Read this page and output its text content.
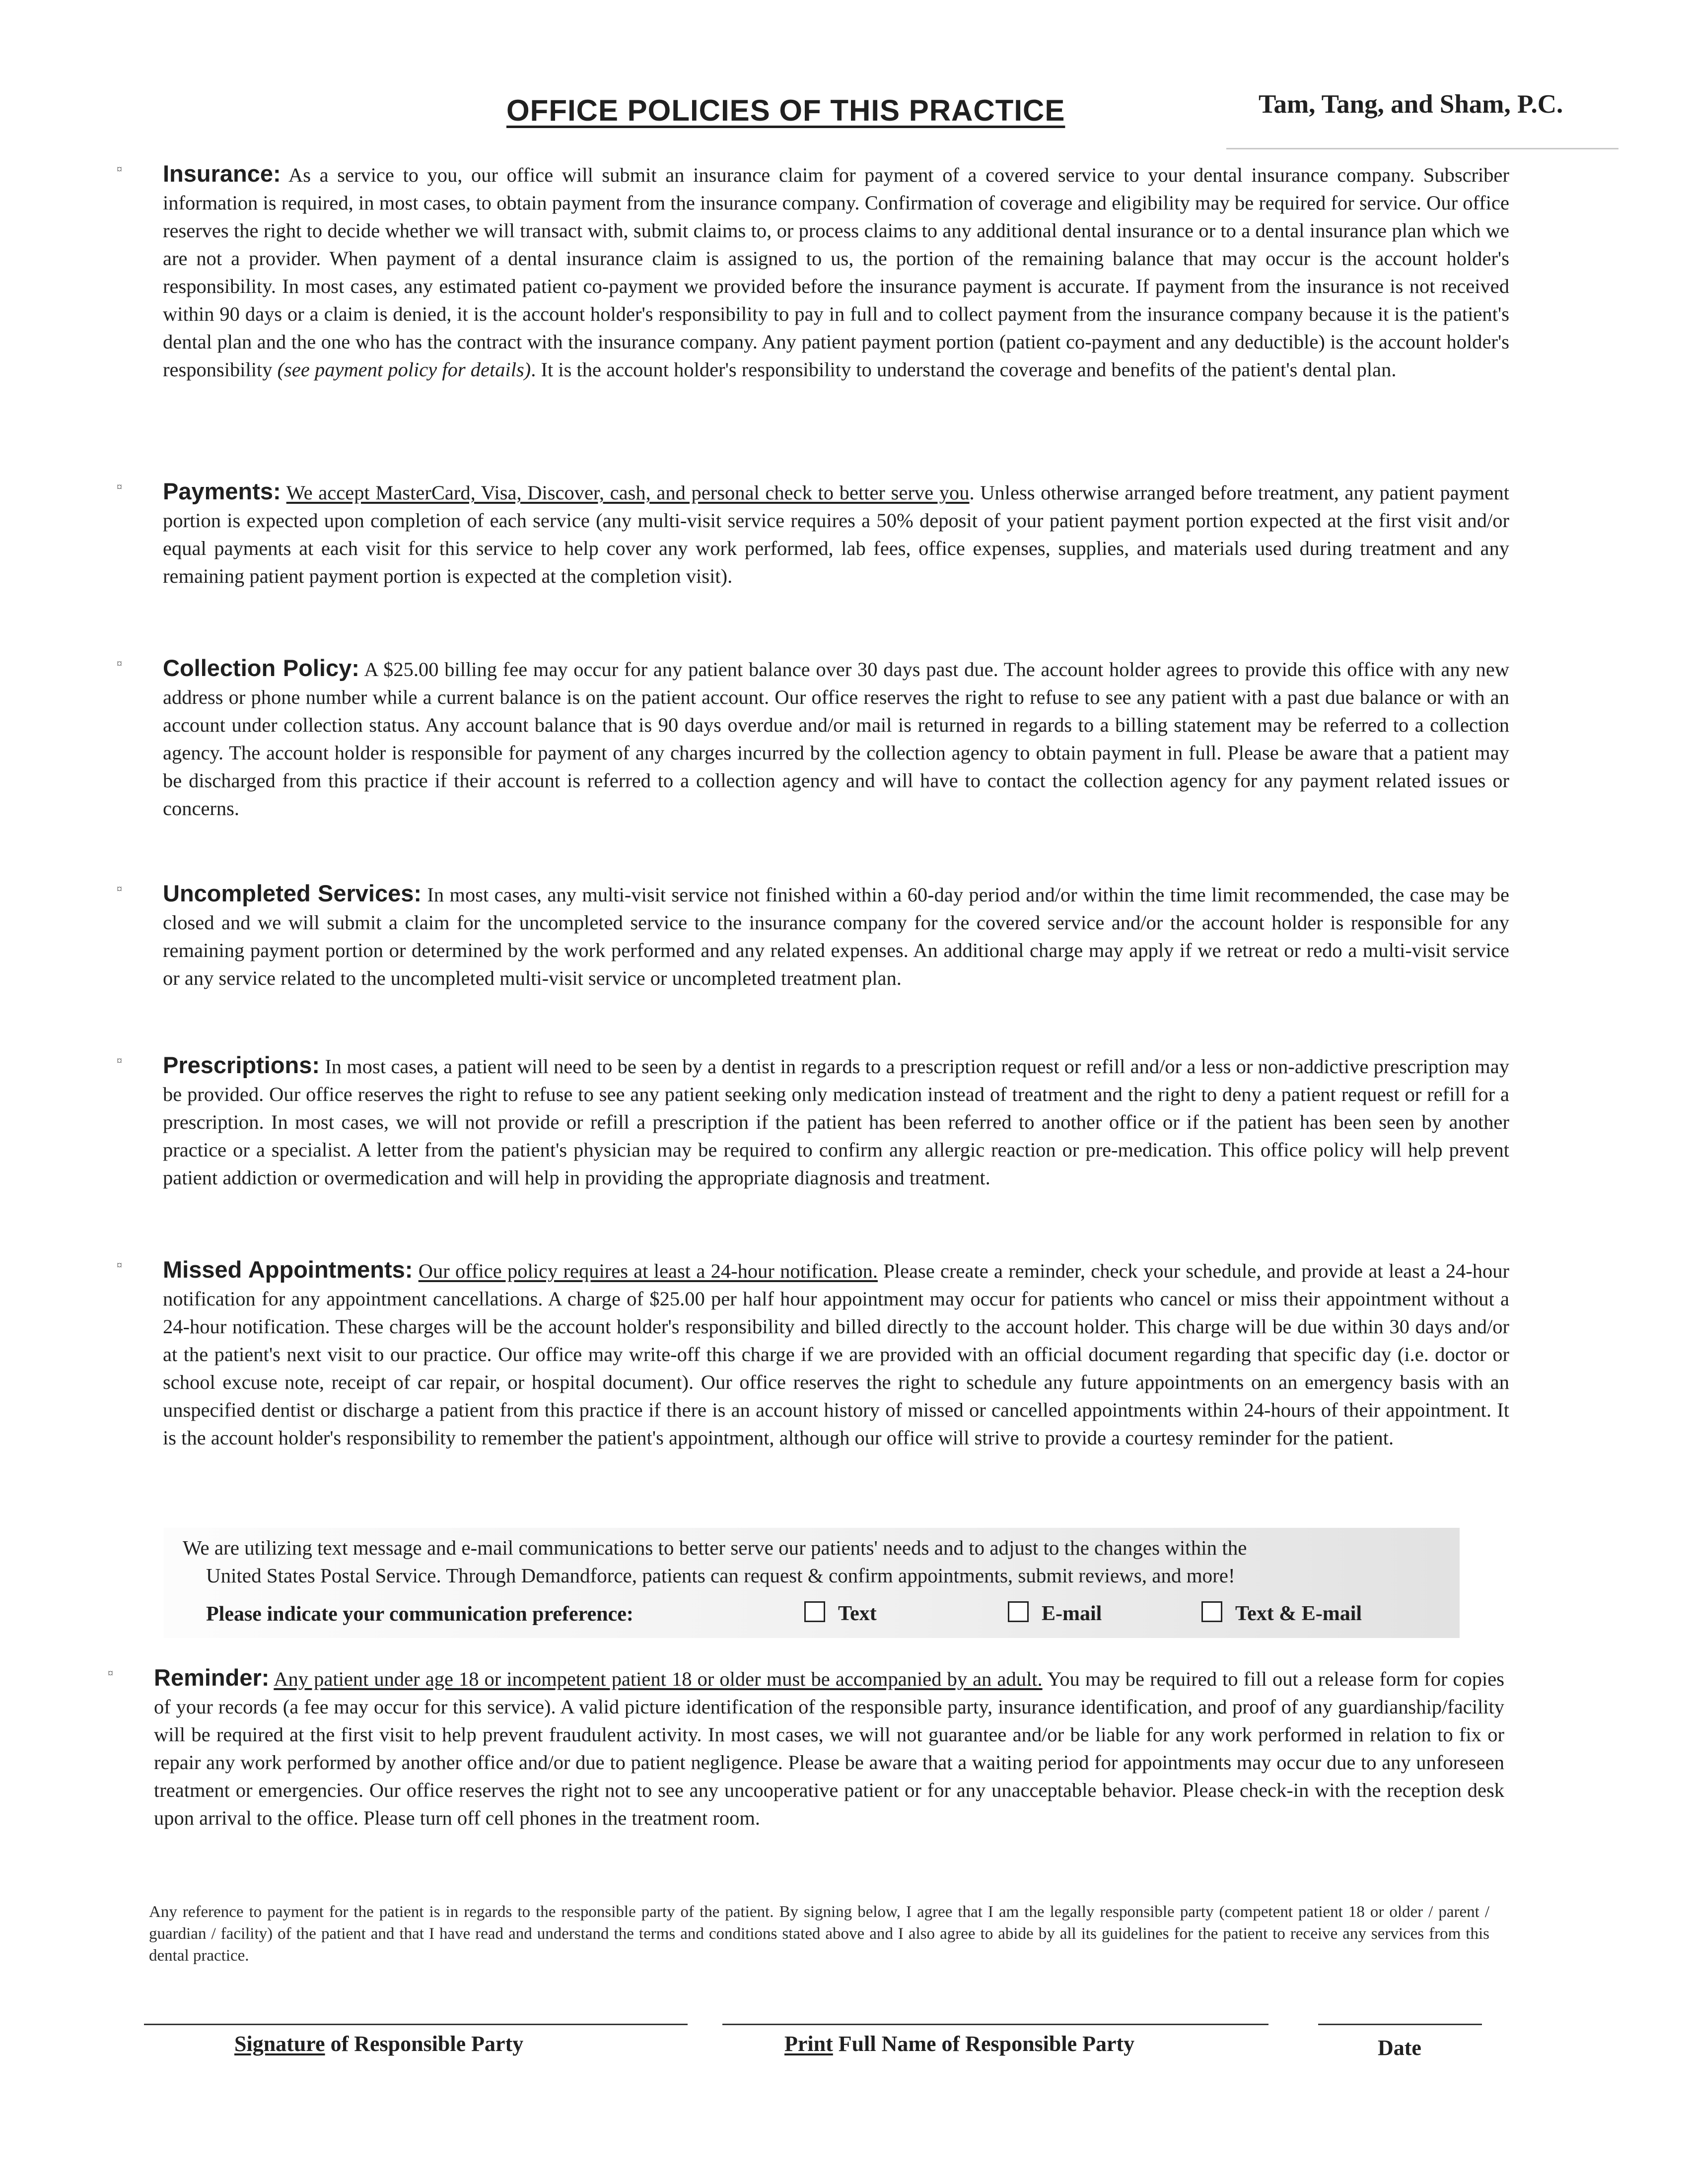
OFFICE POLICIES OF THIS PRACTICE	Tam, Tang, and Sham, P.C.
¤ Insurance: As a service to you, our office will submit an insurance claim for payment of a covered service to your dental insurance company. Subscriber information is required, in most cases, to obtain payment from the insurance company. Confirmation of coverage and eligibility may be required for service. Our office reserves the right to decide whether we will transact with, submit claims to, or process claims to any additional dental insurance or to a dental insurance plan which we are not a provider. When payment of a dental insurance claim is assigned to us, the portion of the remaining balance that may occur is the account holder's responsibility. In most cases, any estimated patient co-payment we provided before the insurance payment is accurate. If payment from the insurance is not received within 90 days or a claim is denied, it is the account holder's responsibility to pay in full and to collect payment from the insurance company because it is the patient's dental plan and the one who has the contract with the insurance company. Any patient payment portion (patient co-payment and any deductible) is the account holder's responsibility (see payment policy for details). It is the account holder's responsibility to understand the coverage and benefits of the patient's dental plan.

¤ Payments: We accept MasterCard, Visa, Discover, cash, and personal check to better serve you. Unless otherwise arranged before treatment, any patient payment portion is expected upon completion of each service (any multi-visit service requires a 50% deposit of your patient payment portion expected at the first visit and/or equal payments at each visit for this service to help cover any work performed, lab fees, office expenses, supplies, and materials used during treatment and any remaining patient payment portion is expected at the completion visit).

¤ Collection Policy: A $25.00 billing fee may occur for any patient balance over 30 days past due. The account holder agrees to provide this office with any new address or phone number while a current balance is on the patient account. Our office reserves the right to refuse to see any patient with a past due balance or with an account under collection status. Any account balance that is 90 days overdue and/or mail is returned in regards to a billing statement may be referred to a collection agency. The account holder is responsible for payment of any charges incurred by the collection agency to obtain payment in full. Please be aware that a patient may be discharged from this practice if their account is referred to a collection agency and will have to contact the collection agency for any payment related issues or concerns.

¤ Uncompleted Services: In most cases, any multi-visit service not finished within a 60-day period and/or within the time limit recommended, the case may be closed and we will submit a claim for the uncompleted service to the insurance company for the covered service and/or the account holder is responsible for any remaining payment portion or determined by the work performed and any related expenses. An additional charge may apply if we retreat or redo a multi-visit service or any service related to the uncompleted multi-visit service or uncompleted treatment plan.

¤ Prescriptions: In most cases, a patient will need to be seen by a dentist in regards to a prescription request or refill and/or a less or non-addictive prescription may be provided. Our office reserves the right to refuse to see any patient seeking only medication instead of treatment and the right to deny a patient request or refill for a prescription. In most cases, we will not provide or refill a prescription if the patient has been referred to another office or if the patient has been seen by another practice or a specialist. A letter from the patient's physician may be required to confirm any allergic reaction or pre-medication. This office policy will help prevent patient addiction or overmedication and will help in providing the appropriate diagnosis and treatment.

¤ Missed Appointments: Our office policy requires at least a 24-hour notification. Please create a reminder, check your schedule, and provide at least a 24-hour notification for any appointment cancellations. A charge of $25.00 per half hour appointment may occur for patients who cancel or miss their appointment without a 24-hour notification. These charges will be the account holder's responsibility and billed directly to the account holder. This charge will be due within 30 days and/or at the patient's next visit to our practice. Our office may write-off this charge if we are provided with an official document regarding that specific day (i.e. doctor or school excuse note, receipt of car repair, or hospital document). Our office reserves the right to schedule any future appointments on an emergency basis with an unspecified dentist or discharge a patient from this practice if there is an account history of missed or cancelled appointments within 24-hours of their appointment. It is the account holder's responsibility to remember the patient's appointment, although our office will strive to provide a courtesy reminder for the patient.

We are utilizing text message and e-mail communications to better serve our patients' needs and to adjust to the changes within the
United States Postal Service. Through Demandforce, patients can request & confirm appointments, submit reviews, and more!
Please indicate your communication preference:	Text	E-mail	Text & E-mail
¤ Reminder: Any patient under age 18 or incompetent patient 18 or older must be accompanied by an adult. You may be required to fill out a release form for copies of your records (a fee may occur for this service). A valid picture identification of the responsible party, insurance identification, and proof of any guardianship/facility will be required at the first visit to help prevent fraudulent activity. In most cases, we will not guarantee and/or be liable for any work performed in relation to fix or repair any work performed by another office and/or due to patient negligence. Please be aware that a waiting period for appointments may occur due to any unforeseen treatment or emergencies. Our office reserves the right not to see any uncooperative patient or for any unacceptable behavior. Please check-in with the reception desk upon arrival to the office. Please turn off cell phones in the treatment room.

Any reference to payment for the patient is in regards to the responsible party of the patient. By signing below, I agree that I am the legally responsible party (competent patient 18 or older / parent / guardian / facility) of the patient and that I have read and understand the terms and conditions stated above and I also agree to abide by all its guidelines for the patient to receive any services from this dental practice.
Signature of Responsible Party	Print Full Name of Responsible Party	Date
